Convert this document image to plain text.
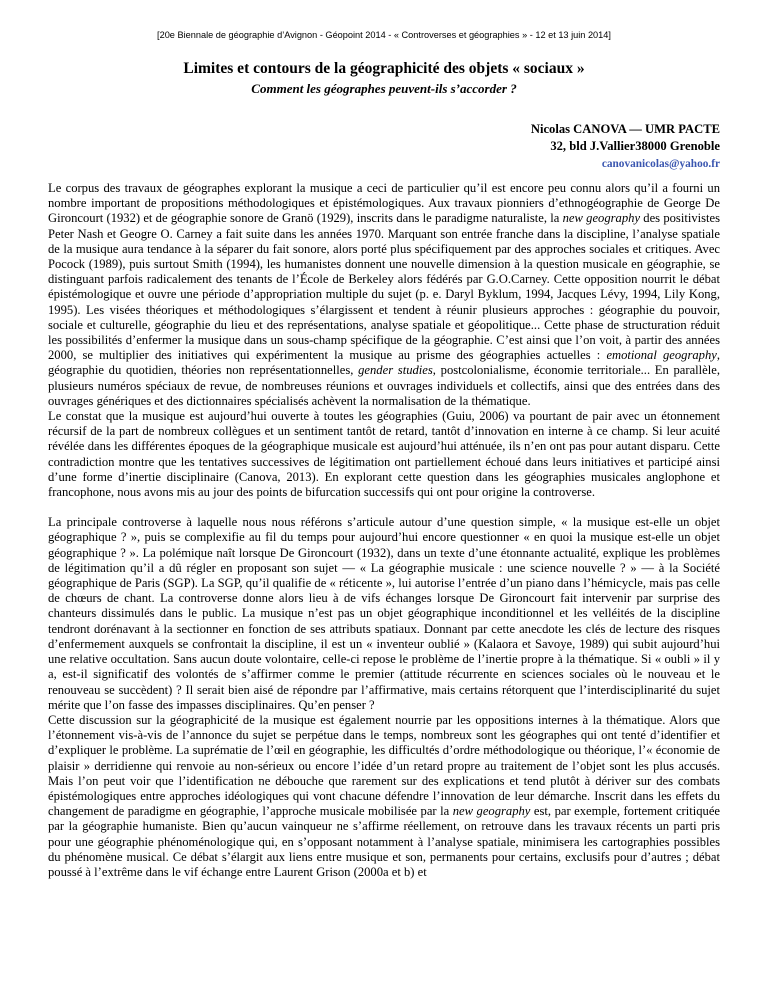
[20e Biennale de géographie d’Avignon - Géopoint 2014 - « Controverses et géographies » - 12 et 13 juin 2014]
Limites et contours de la géographicité des objets « sociaux »
Comment les géographes peuvent-ils s’accorder ?
Nicolas CANOVA — UMR PACTE
32, bld J.Vallier38000 Grenoble
canovanicolas@yahoo.fr

Le corpus des travaux de géographes explorant la musique a ceci de particulier qu’il est encore peu connu alors qu’il a fourni un nombre important de propositions méthodologiques et épistémologiques. Aux travaux pionniers d’ethnogéographie de George De Gironcourt (1932) et de géographie sonore de Granö (1929), inscrits dans le paradigme naturaliste, la new geography des positivistes Peter Nash et Geogre O. Carney a fait suite dans les années 1970. Marquant son entrée franche dans la discipline, l’analyse spatiale de la musique aura tendance à la séparer du fait sonore, alors porté plus spécifiquement par des approches sociales et critiques. Avec Pocock (1989), puis surtout Smith (1994), les humanistes donnent une nouvelle dimension à la question musicale en géographie, se distinguant parfois radicalement des tenants de l’École de Berkeley alors fédérés par G.O.Carney. Cette opposition nourrit le débat épistémologique et ouvre une période d’appropriation multiple du sujet (p. e. Daryl Byklum, 1994, Jacques Lévy, 1994, Lily Kong, 1995). Les visées théoriques et méthodologiques s’élargissent et tendent à réunir plusieurs approches : géographie du pouvoir, sociale et culturelle, géographie du lieu et des représentations, analyse spatiale et géopolitique... Cette phase de structuration réduit les possibilités d’enfermer la musique dans un sous-champ spécifique de la géographie. C’est ainsi que l’on voit, à partir des années 2000, se multiplier des initiatives qui expérimentent la musique au prisme des géographies actuelles : emotional geography, géographie du quotidien, théories non représentationnelles, gender studies, postcolonialisme, économie territoriale... En parallèle, plusieurs numéros spéciaux de revue, de nombreuses réunions et ouvrages individuels et collectifs, ainsi que des entrées dans des ouvrages génériques et des dictionnaires spécialisés achèvent la normalisation de la thématique.

Le constat que la musique est aujourd’hui ouverte à toutes les géographies (Guiu, 2006) va pourtant de pair avec un étonnement récursif de la part de nombreux collègues et un sentiment tantôt de retard, tantôt d’innovation en interne à ce champ. Si leur acuité révélée dans les différentes époques de la géographique musicale est aujourd’hui atténuée, ils n’en ont pas pour autant disparu. Cette contradiction montre que les tentatives successives de légitimation ont partiellement échoué dans leurs initiatives et participé ainsi d’une forme d’inertie disciplinaire (Canova, 2013). En explorant cette question dans les géographies musicales anglophone et francophone, nous avons mis au jour des points de bifurcation successifs qui ont pour origine la controverse.

La principale controverse à laquelle nous nous référons s’articule autour d’une question simple, « la musique est-elle un objet géographique ? », puis se complexifie au fil du temps pour aujourd’hui encore questionner « en quoi la musique est-elle un objet géographique ? ». La polémique naît lorsque De Gironcourt (1932), dans un texte d’une étonnante actualité, explique les problèmes de légitimation qu’il a dû régler en proposant son sujet — « La géographie musicale : une science nouvelle ? » — à la Société géographique de Paris (SGP). La SGP, qu’il qualifie de « réticente », lui autorise l’entrée d’un piano dans l’hémicycle, mais pas celle de chœurs de chant. La controverse donne alors lieu à de vifs échanges lorsque De Gironcourt fait intervenir par surprise des chanteurs dissimulés dans le public. La musique n’est pas un objet géographique inconditionnel et les velléités de la discipline tendront dorénavant à la sectionner en fonction de ses attributs spatiaux. Donnant par cette anecdote les clés de lecture des risques d’enfermement auxquels se confrontait la discipline, il est un « inventeur oublié » (Kalaora et Savoye, 1989) qui subit aujourd’hui une relative occultation. Sans aucun doute volontaire, celle-ci repose le problème de l’inertie propre à la thématique. Si « oubli » il y a, est-il significatif des volontés de s’affirmer comme le premier (attitude récurrente en sciences sociales où le nouveau et le renouveau se succèdent) ? Il serait bien aisé de répondre par l’affirmative, mais certains rétorquent que l’interdisciplinarité du sujet mérite que l’on fasse des impasses disciplinaires. Qu’en penser ?

Cette discussion sur la géographicité de la musique est également nourrie par les oppositions internes à la thématique. Alors que l’étonnement vis-à-vis de l’annonce du sujet se perpétue dans le temps, nombreux sont les géographes qui ont tenté d’identifier et d’expliquer le problème. La suprématie de l’œil en géographie, les difficultés d’ordre méthodologique ou théorique, l’« économie de plaisir » derridienne qui renvoie au non-sérieux ou encore l’idée d’un retard propre au traitement de l’objet sont les plus accusés. Mais l’on peut voir que l’identification ne débouche que rarement sur des explications et tend plutôt à dériver sur des combats épistémologiques entre approches idéologiques qui vont chacune défendre l’innovation de leur démarche. Inscrit dans les effets du changement de paradigme en géographie, l’approche musicale mobilisée par la new geography est, par exemple, fortement critiquée par la géographie humaniste. Bien qu’aucun vainqueur ne s’affirme réellement, on retrouve dans les travaux récents un parti pris pour une géographie phénoménologique qui, en s’opposant notamment à l’analyse spatiale, minimisera les cartographies possibles du phénomène musical. Ce débat s’élargit aux liens entre musique et son, permanents pour certains, exclusifs pour d’autres ; débat poussé à l’extrême dans le vif échange entre Laurent Grison (2000a et b) et
